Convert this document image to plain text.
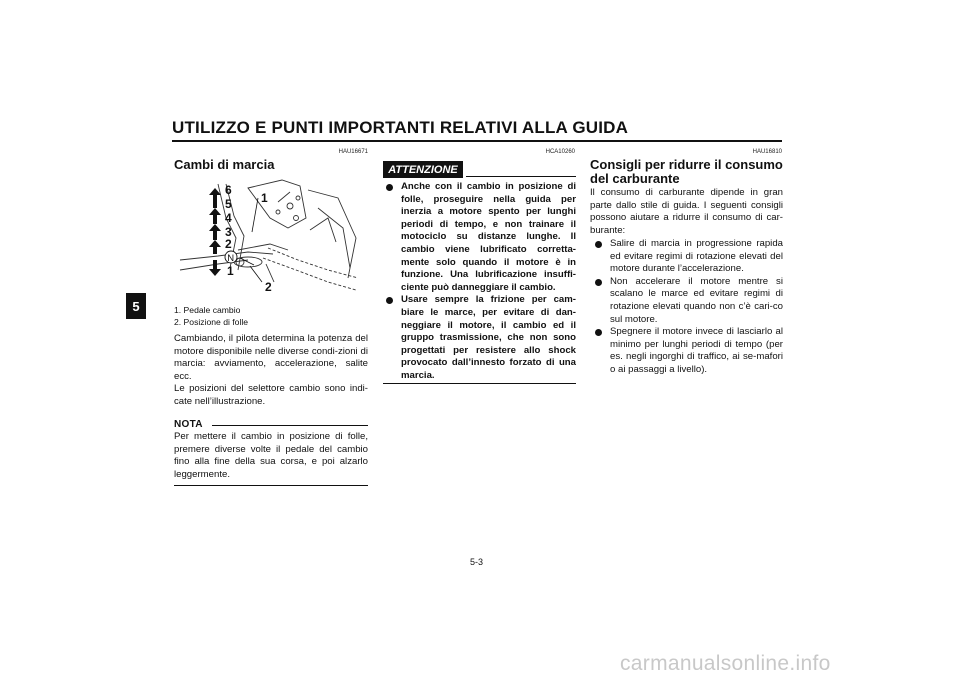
UTILIZZO E PUNTI IMPORTANTI RELATIVI ALLA GUIDA
5
HAU16671
Cambi di marcia
6
5
4
3
2
1
1
2
N
1. Pedale cambio
2. Posizione di folle

Cambiando, il pilota determina la potenza del motore disponibile nelle diverse condi-zioni di marcia: avviamento, accelerazione, salite ecc.

Le posizioni del selettore cambio sono indi-cate nell’illustrazione.

NOTA
Per mettere il cambio in posizione di folle, premere diverse volte il pedale del cambio fino alla fine della sua corsa, e poi alzarlo leggermente.
HCA10260
ATTENZIONE
Anche con il cambio in posizione di folle, proseguire nella guida per inerzia a motore spento per lunghi periodi di tempo, e non trainare il motociclo su distanze lunghe. Il cambio viene lubrificato corretta-mente solo quando il motore è in funzione. Una lubrificazione insuffi-ciente può danneggiare il cambio.
Usare sempre la frizione per cam-biare le marce, per evitare di dan-neggiare il motore, il cambio ed il gruppo trasmissione, che non sono progettati per resistere allo shock provocato dall’innesto forzato di una marcia.
HAU16810
Consigli per ridurre il consumo
del carburante
Il consumo di carburante dipende in gran parte dallo stile di guida. I seguenti consigli possono aiutare a ridurre il consumo di car-burante:
Salire di marcia in progressione rapida ed evitare regimi di rotazione elevati del motore durante l’accelerazione.
Non accelerare il motore mentre si scalano le marce ed evitare regimi di rotazione elevati quando non c’è cari-co sul motore.
Spegnere il motore invece di lasciarlo al minimo per lunghi periodi di tempo (per es. negli ingorghi di traffico, ai se-mafori o ai passaggi a livello).
5-3
carmanualsonline.info
